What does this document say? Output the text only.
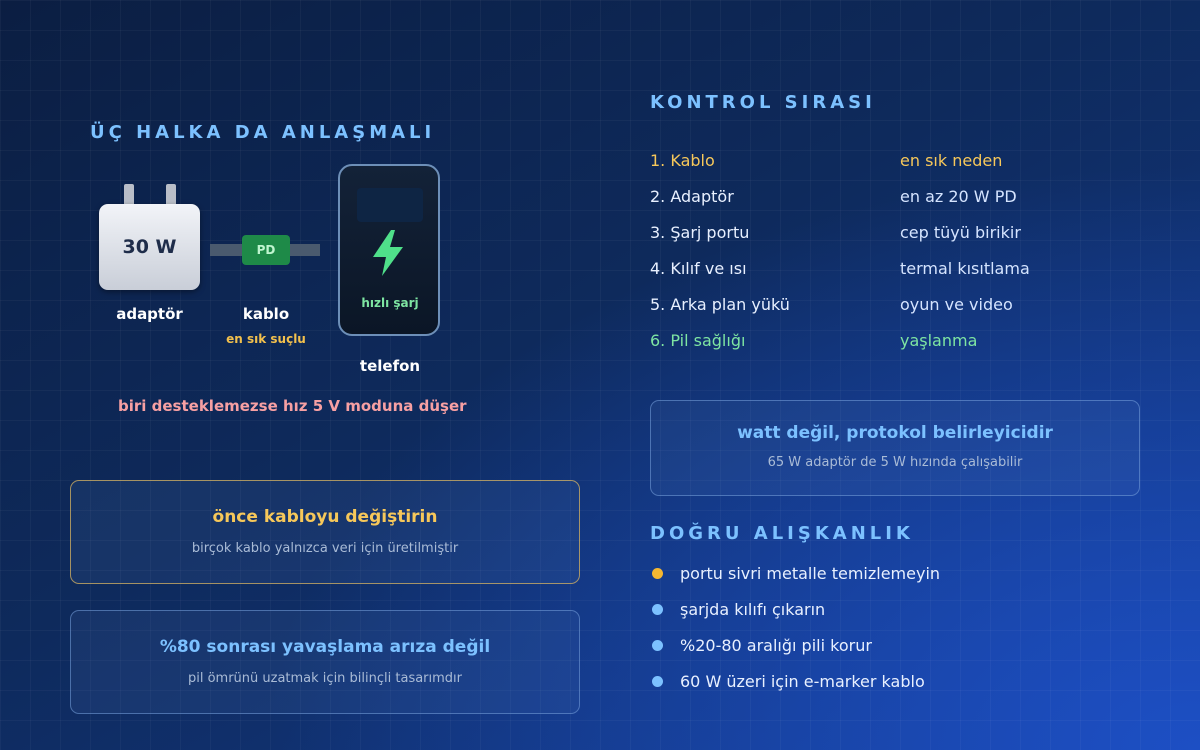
ÜÇ HALKA DA ANLAŞMALI
30 W
adaptör
PD
kablo
en sık suçlu
hızlı şarj
telefon
biri desteklemezse hız 5 V moduna düşer
önce kabloyu değiştirin
birçok kablo yalnızca veri için üretilmiştir
%80 sonrası yavaşlama arıza değil
pil ömrünü uzatmak için bilinçli tasarımdır
KONTROL SIRASI
1. Kablo	en sık neden
2. Adaptör	en az 20 W PD
3. Şarj portu	cep tüyü birikir
4. Kılıf ve ısı	termal kısıtlama
5. Arka plan yükü	oyun ve video
6. Pil sağlığı	yaşlanma
watt değil, protokol belirleyicidir
65 W adaptör de 5 W hızında çalışabilir
DOĞRU ALIŞKANLIK
portu sivri metalle temizlemeyin
şarjda kılıfı çıkarın
%20-80 aralığı pili korur
60 W üzeri için e-marker kablo
